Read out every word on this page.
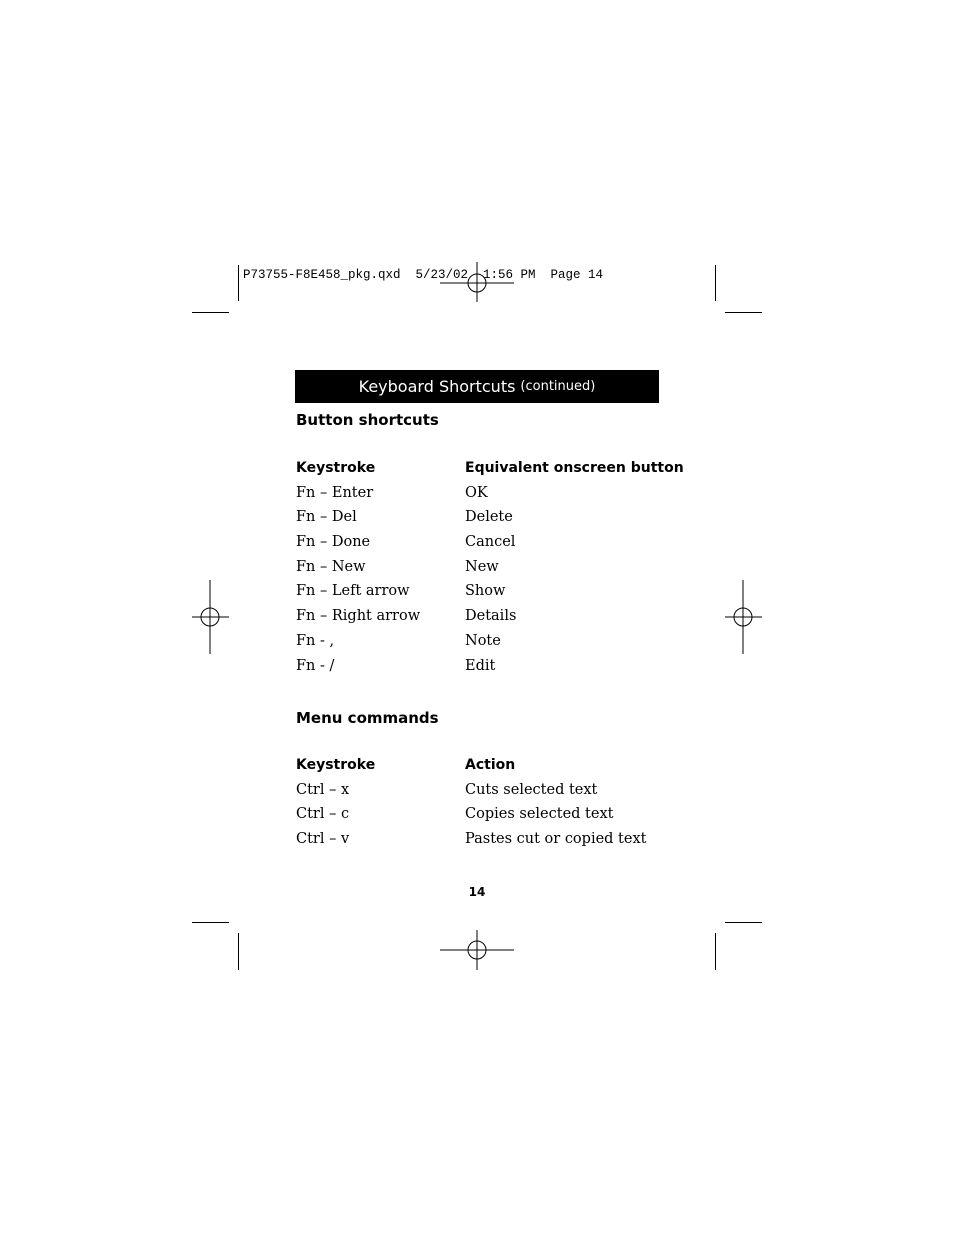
P73755-F8E458_pkg.qxd  5/23/02  1:56 PM  Page 14
Keyboard Shortcuts (continued)
Button shortcuts
Keystroke	Equivalent onscreen button
Fn – Enter	OK
Fn – Del	Delete
Fn – Done	Cancel
Fn – New	New
Fn – Left arrow	Show
Fn – Right arrow	Details
Fn - ,	Note
Fn - /	Edit
Menu commands
Keystroke	Action
Ctrl – x	Cuts selected text
Ctrl – c	Copies selected text
Ctrl – v	Pastes cut or copied text
14
